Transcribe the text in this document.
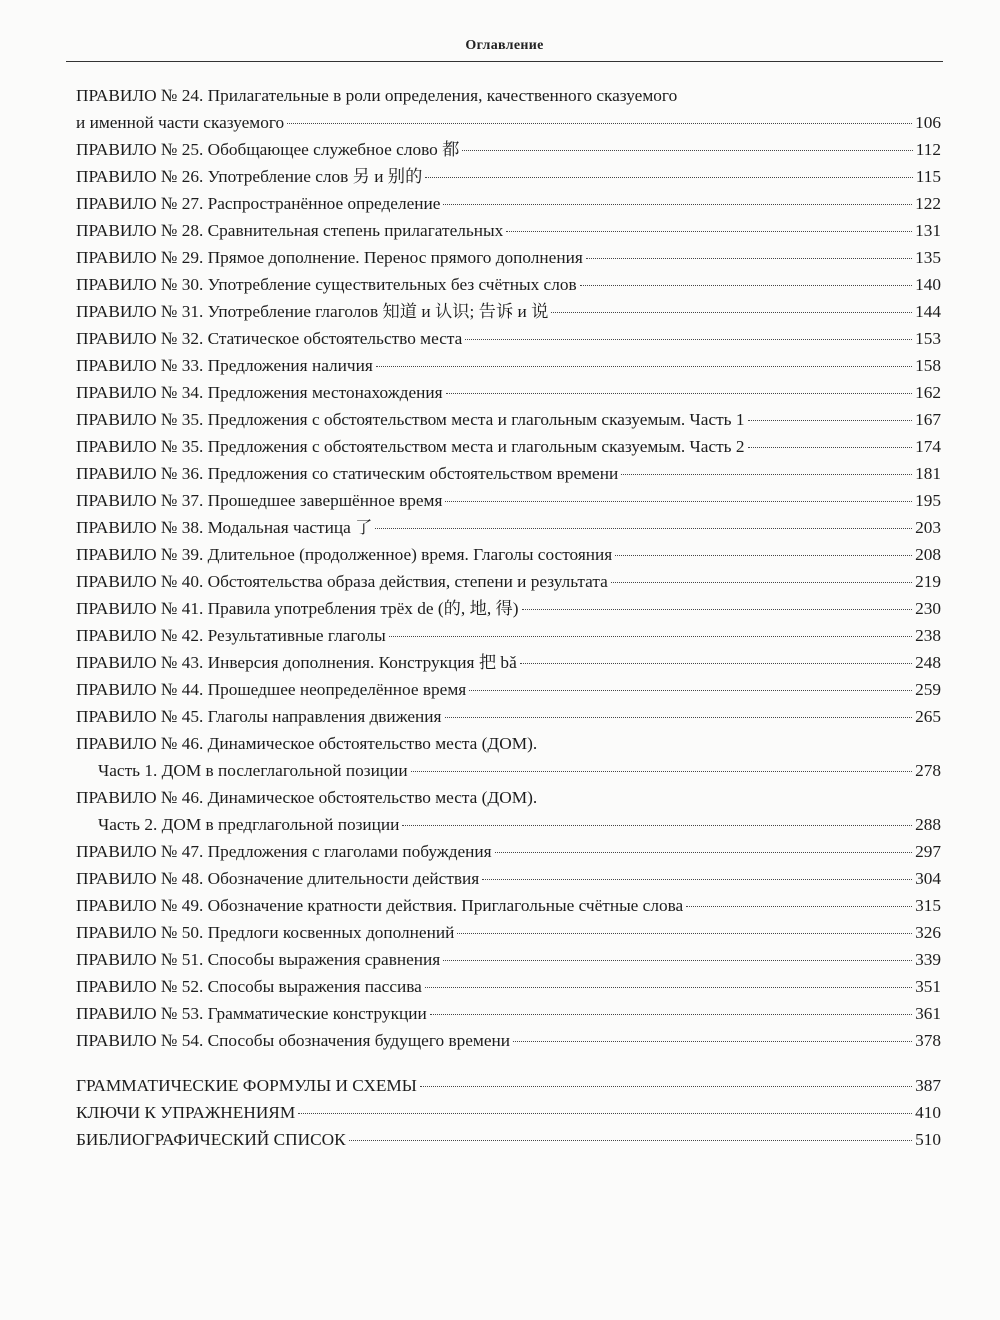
Оглавление
ПРАВИЛО № 24. Прилагательные в роли определения, качественного сказуемого
и именной части сказуемого	106
ПРАВИЛО № 25. Обобщающее служебное слово 都	112
ПРАВИЛО № 26. Употребление слов 另 и 别的	115
ПРАВИЛО № 27. Распространённое определение	122
ПРАВИЛО № 28. Сравнительная степень прилагательных	131
ПРАВИЛО № 29. Прямое дополнение. Перенос прямого дополнения	135
ПРАВИЛО № 30. Употребление существительных без счётных слов	140
ПРАВИЛО № 31. Употребление глаголов 知道 и 认识; 告诉 и 说	144
ПРАВИЛО № 32. Статическое обстоятельство места	153
ПРАВИЛО № 33. Предложения наличия	158
ПРАВИЛО № 34. Предложения местонахождения	162
ПРАВИЛО № 35. Предложения с обстоятельством места и глагольным сказуемым. Часть 1	167
ПРАВИЛО № 35. Предложения с обстоятельством места и глагольным сказуемым. Часть 2	174
ПРАВИЛО № 36. Предложения со статическим обстоятельством времени	181
ПРАВИЛО № 37. Прошедшее завершённое время	195
ПРАВИЛО № 38. Модальная частица 了	203
ПРАВИЛО № 39. Длительное (продолженное) время. Глаголы состояния	208
ПРАВИЛО № 40. Обстоятельства образа действия, степени и результата	219
ПРАВИЛО № 41. Правила употребления трёх de (的, 地, 得)	230
ПРАВИЛО № 42. Результативные глаголы	238
ПРАВИЛО № 43. Инверсия дополнения. Конструкция 把 bǎ	248
ПРАВИЛО № 44. Прошедшее неопределённое время	259
ПРАВИЛО № 45. Глаголы направления движения	265
ПРАВИЛО № 46. Динамическое обстоятельство места (ДОМ).
Часть 1. ДОМ в послеглагольной позиции	278
ПРАВИЛО № 46. Динамическое обстоятельство места (ДОМ).
Часть 2. ДОМ в предглагольной позиции	288
ПРАВИЛО № 47. Предложения с глаголами побуждения	297
ПРАВИЛО № 48. Обозначение длительности действия	304
ПРАВИЛО № 49. Обозначение кратности действия. Приглагольные счётные слова	315
ПРАВИЛО № 50. Предлоги косвенных дополнений	326
ПРАВИЛО № 51. Способы выражения сравнения	339
ПРАВИЛО № 52. Способы выражения пассива	351
ПРАВИЛО № 53. Грамматические конструкции	361
ПРАВИЛО № 54. Способы обозначения будущего времени	378
ГРАММАТИЧЕСКИЕ ФОРМУЛЫ И СХЕМЫ	387
КЛЮЧИ К УПРАЖНЕНИЯМ	410
БИБЛИОГРАФИЧЕСКИЙ СПИСОК	510
